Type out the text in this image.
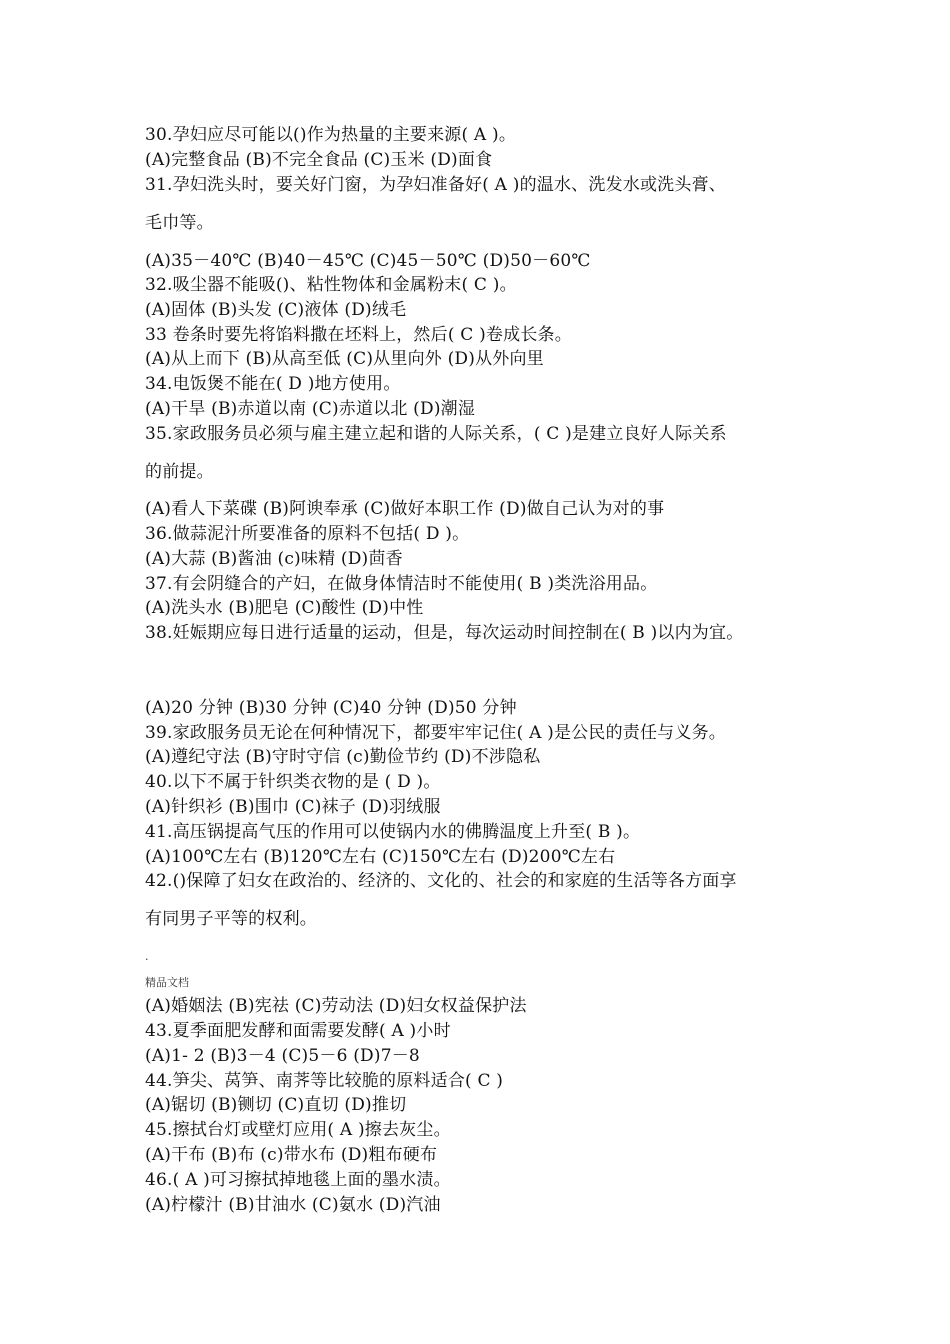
30.孕妇应尽可能以()作为热量的主要来源( A )。
(A)完整食品 (B)不完全食品 (C)玉米 (D)面食
31.孕妇洗头时，要关好门窗，为孕妇准备好( A )的温水、洗发水或洗头膏、
毛巾等。
(A)35－40℃ (B)40－45℃ (C)45－50℃ (D)50－60℃
32.吸尘器不能吸()、粘性物体和金属粉末( C )。
(A)固体 (B)头发 (C)液体 (D)绒毛
33 卷条时要先将馅料撒在坯料上，然后( C )卷成长条。
(A)从上而下 (B)从高至低 (C)从里向外 (D)从外向里
34.电饭煲不能在( D )地方使用。
(A)干旱 (B)赤道以南 (C)赤道以北 (D)潮湿
35.家政服务员必须与雇主建立起和谐的人际关系，( C )是建立良好人际关系
的前提。
(A)看人下菜碟 (B)阿谀奉承 (C)做好本职工作 (D)做自己认为对的事
36.做蒜泥汁所要准备的原料不包括( D )。
(A)大蒜 (B)酱油 (c)味精 (D)茴香
37.有会阴缝合的产妇，在做身体情洁时不能使用( B )类洗浴用品。
(A)洗头水 (B)肥皂 (C)酸性 (D)中性
38.妊娠期应每日进行适量的运动，但是，每次运动时间控制在( B )以内为宜。
(A)20 分钟 (B)30 分钟 (C)40 分钟 (D)50 分钟
39.家政服务员无论在何种情况下，都要牢牢记住( A )是公民的责任与义务。
(A)遵纪守法 (B)守时守信 (c)勤俭节约 (D)不涉隐私
40.以下不属于针织类衣物的是 ( D )。
(A)针织衫 (B)围巾 (C)袜子 (D)羽绒服
41.高压锅提高气压的作用可以使锅内水的佛腾温度上升至( B )。
(A)100℃左右 (B)120℃左右 (C)150℃左右 (D)200℃左右
42.()保障了妇女在政治的、经济的、文化的、社会的和家庭的生活等各方面享
有同男子平等的权利。
.
精品文档
(A)婚姻法 (B)宪祛 (C)劳动法 (D)妇女权益保护法
43.夏季面肥发酵和面需要发酵( A )小时
(A)1- 2 (B)3－4 (C)5－6 (D)7－8
44.笋尖、莴笋、南荠等比较脆的原料适合( C )
(A)锯切 (B)铡切 (C)直切 (D)推切
45.擦拭台灯或壁灯应用( A )擦去灰尘。
(A)干布 (B)布 (c)带水布 (D)粗布硬布
46.( A )可习擦拭掉地毯上面的墨水渍。
(A)柠檬汁 (B)甘油水 (C)氨水 (D)汽油
